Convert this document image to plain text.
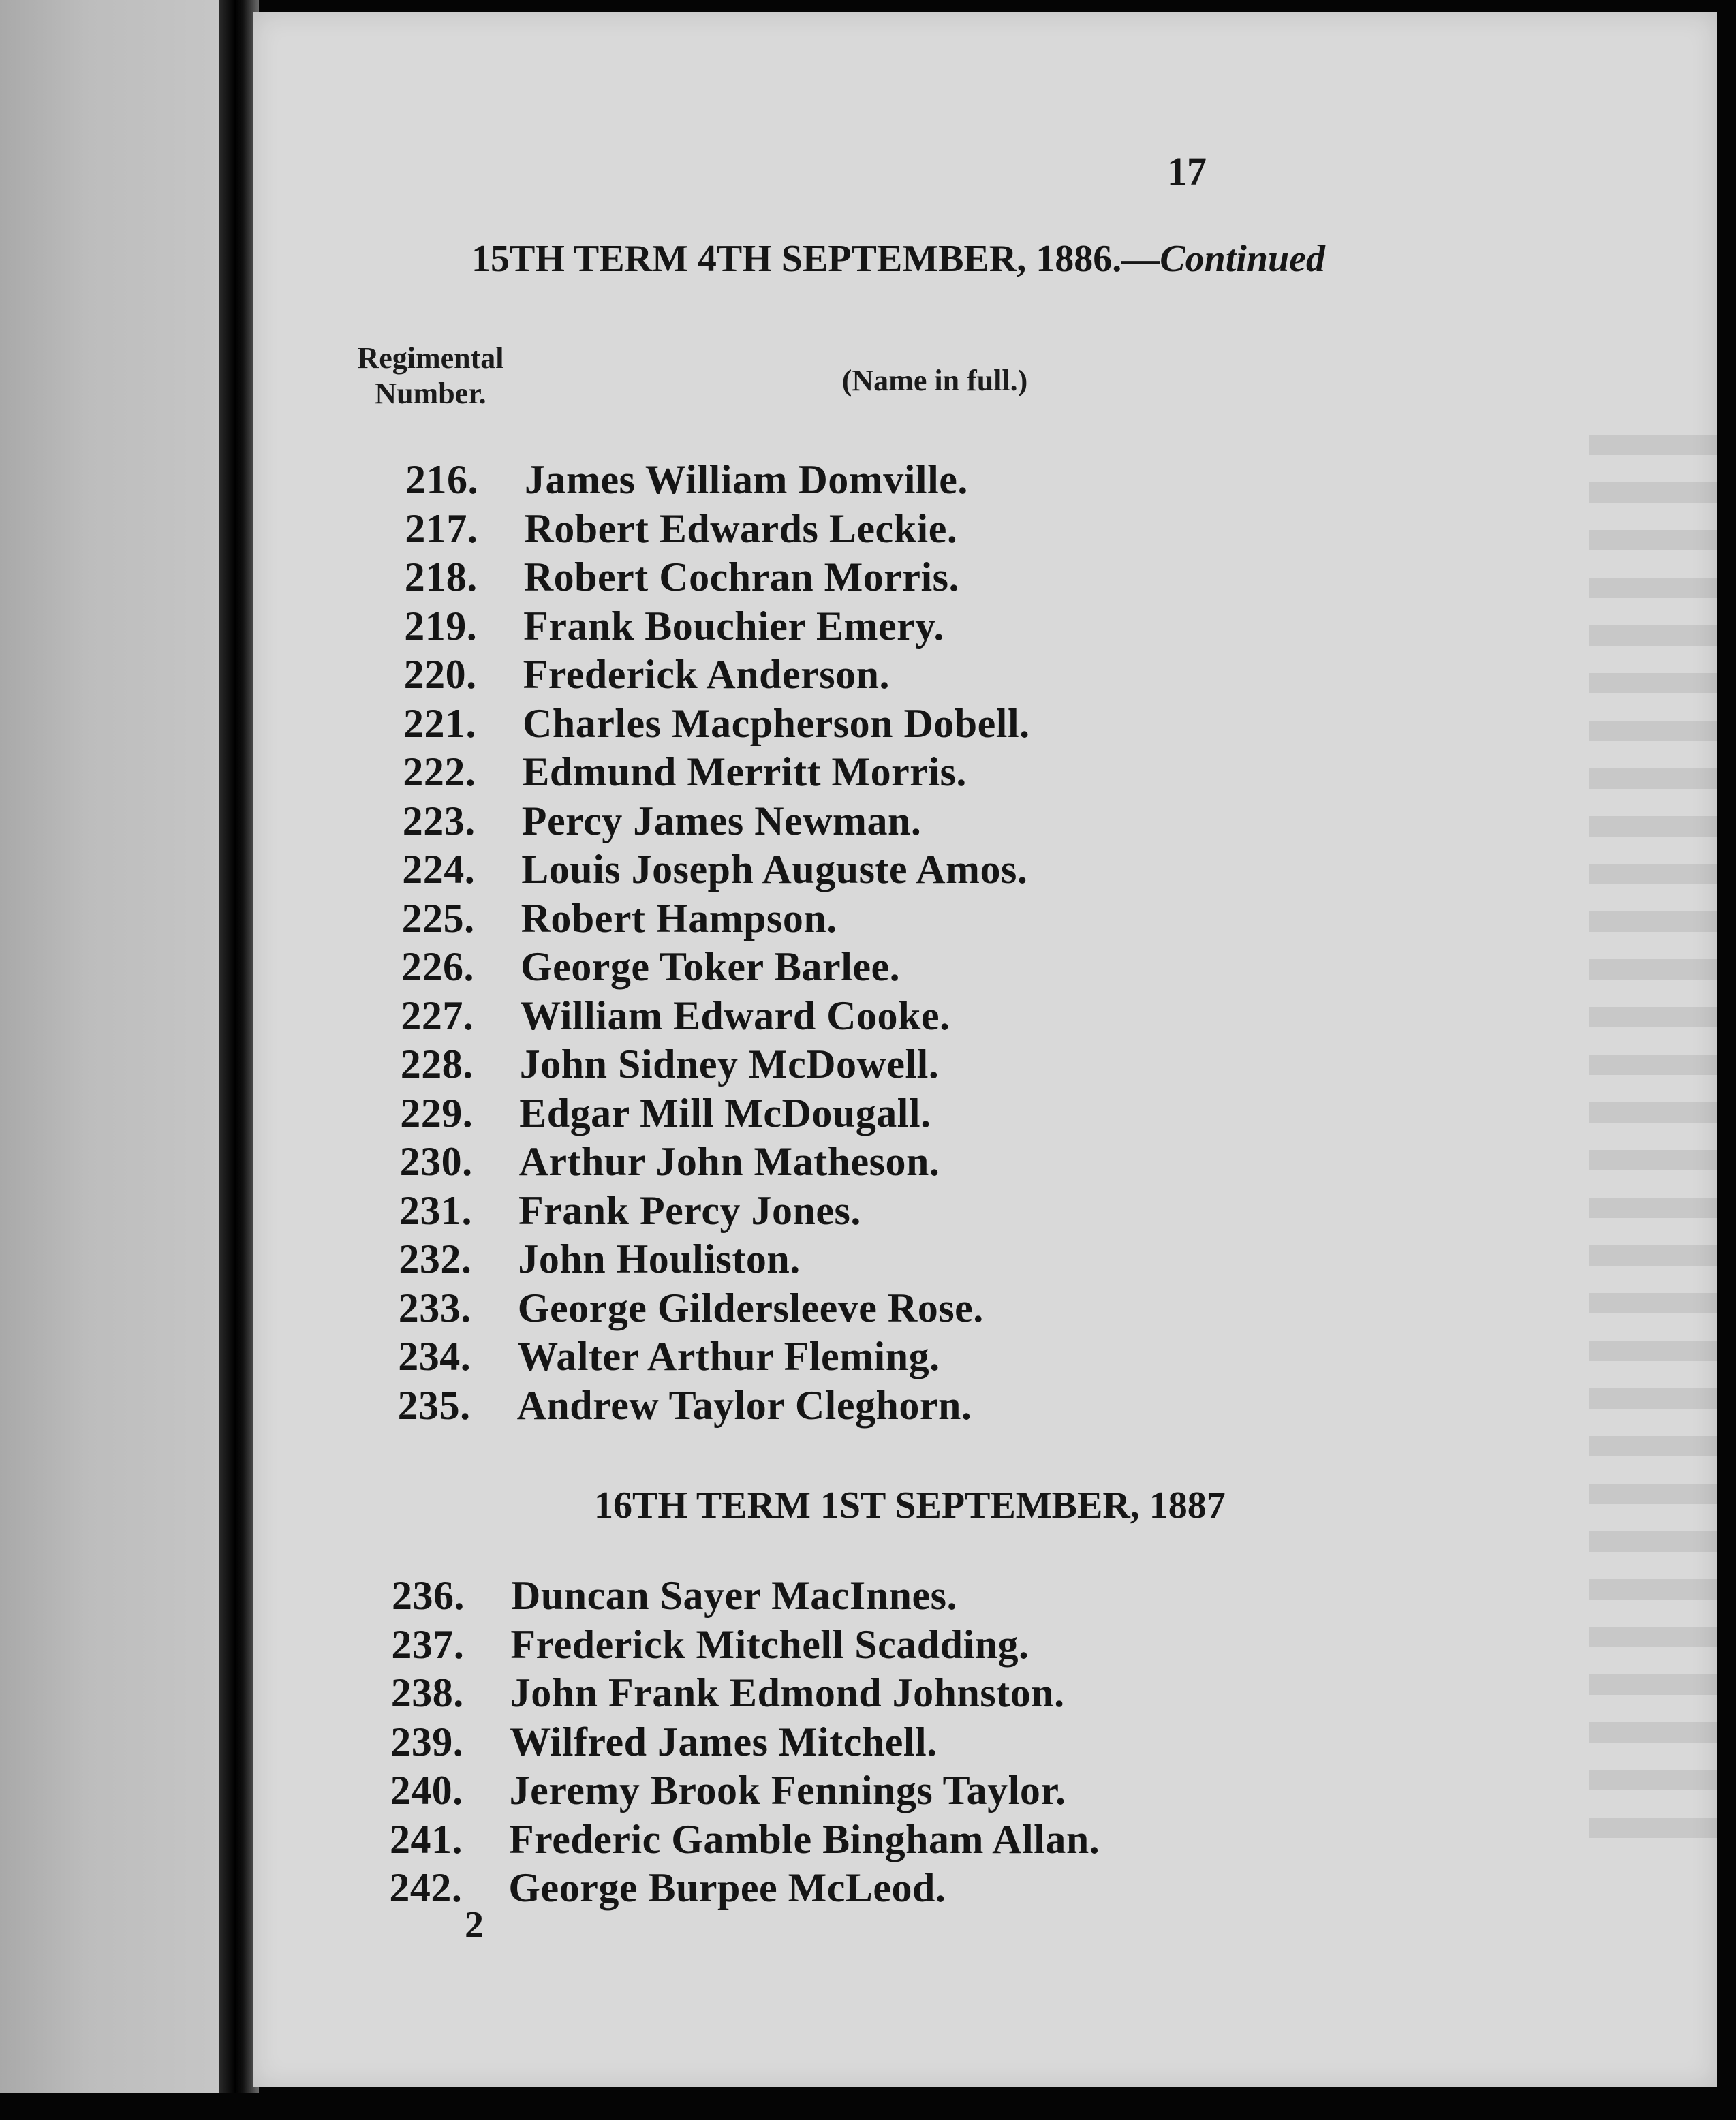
17
15TH TERM 4TH SEPTEMBER, 1886.—Continued
Regimental
Number.	(Name in full.)
216. James William Domville.
217. Robert Edwards Leckie.
218. Robert Cochran Morris.
219. Frank Bouchier Emery.
220. Frederick Anderson.
221. Charles Macpherson Dobell.
222. Edmund Merritt Morris.
223. Percy James Newman.
224. Louis Joseph Auguste Amos.
225. Robert Hampson.
226. George Toker Barlee.
227. William Edward Cooke.
228. John Sidney McDowell.
229. Edgar Mill McDougall.
230. Arthur John Matheson.
231. Frank Percy Jones.
232. John Houliston.
233. George Gildersleeve Rose.
234. Walter Arthur Fleming.
235. Andrew Taylor Cleghorn.
16TH TERM 1ST SEPTEMBER, 1887
236. Duncan Sayer MacInnes.
237. Frederick Mitchell Scadding.
238. John Frank Edmond Johnston.
239. Wilfred James Mitchell.
240. Jeremy Brook Fennings Taylor.
241. Frederic Gamble Bingham Allan.
242. George Burpee McLeod.
2
